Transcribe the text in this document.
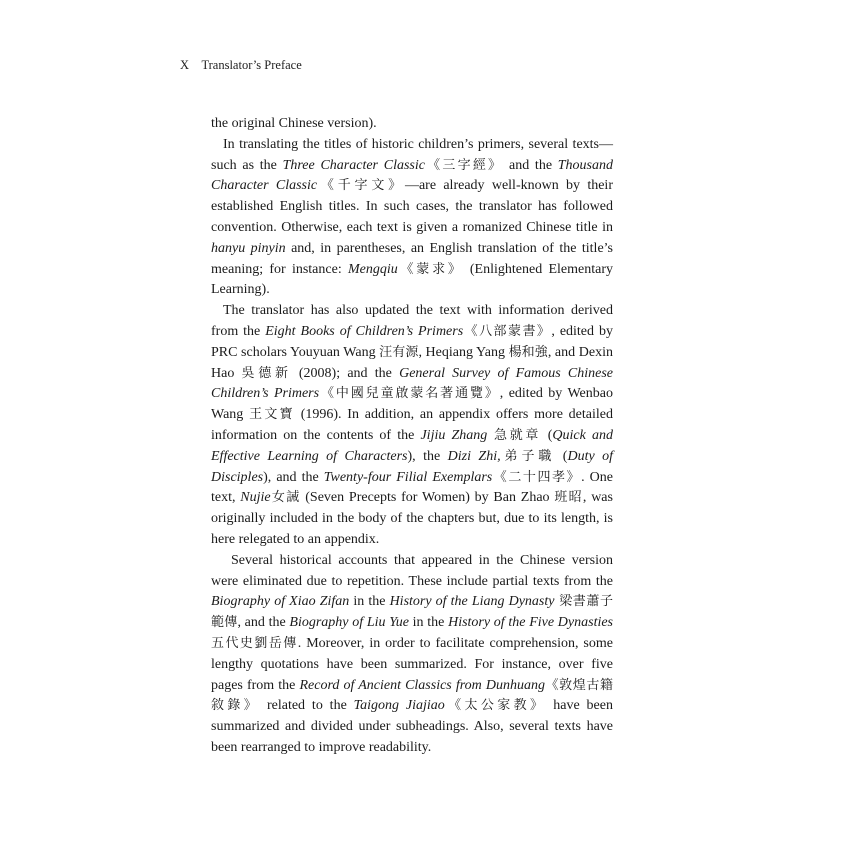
X Translator’s Preface

the original Chinese version).

In translating the titles of historic children’s primers, several texts—such as the Three Character Classic《三字經》 and the Thousand Character Classic《千字文》—are already well-known by their established English titles. In such cases, the translator has followed convention. Otherwise, each text is given a romanized Chinese title in hanyu pinyin and, in parentheses, an English translation of the title’s meaning; for instance: Mengqiu《蒙求》 (Enlightened Elementary Learning).

The translator has also updated the text with information derived from the Eight Books of Children’s Primers《八部蒙書》, edited by PRC scholars Youyuan Wang 汪有源, Heqiang Yang 楊和強, and Dexin Hao 吳德新 (2008); and the General Survey of Famous Chinese Children’s Primers《中國兒童啟蒙名著通覽》, edited by Wenbao Wang 王文寶 (1996). In addition, an appendix offers more detailed information on the contents of the Jijiu Zhang 急就章 (Quick and Effective Learning of Characters), the Dizi Zhi,弟子職 (Duty of Disciples), and the Twenty-four Filial Exemplars《二十四孝》. One text, Nujie女誡 (Seven Precepts for Women) by Ban Zhao 班昭, was originally included in the body of the chapters but, due to its length, is here relegated to an appendix.

Several historical accounts that appeared in the Chinese version were eliminated due to repetition. These include partial texts from the Biography of Xiao Zifan in the History of the Liang Dynasty 梁書蕭子範傳, and the Biography of Liu Yue in the History of the Five Dynasties 五代史劉岳傳. Moreover, in order to facilitate comprehension, some lengthy quotations have been summarized. For instance, over five pages from the Record of Ancient Classics from Dunhuang《敦煌古籍敘錄》 related to the Taigong Jiajiao《太公家教》 have been summarized and divided under subheadings. Also, several texts have been rearranged to improve readability.
